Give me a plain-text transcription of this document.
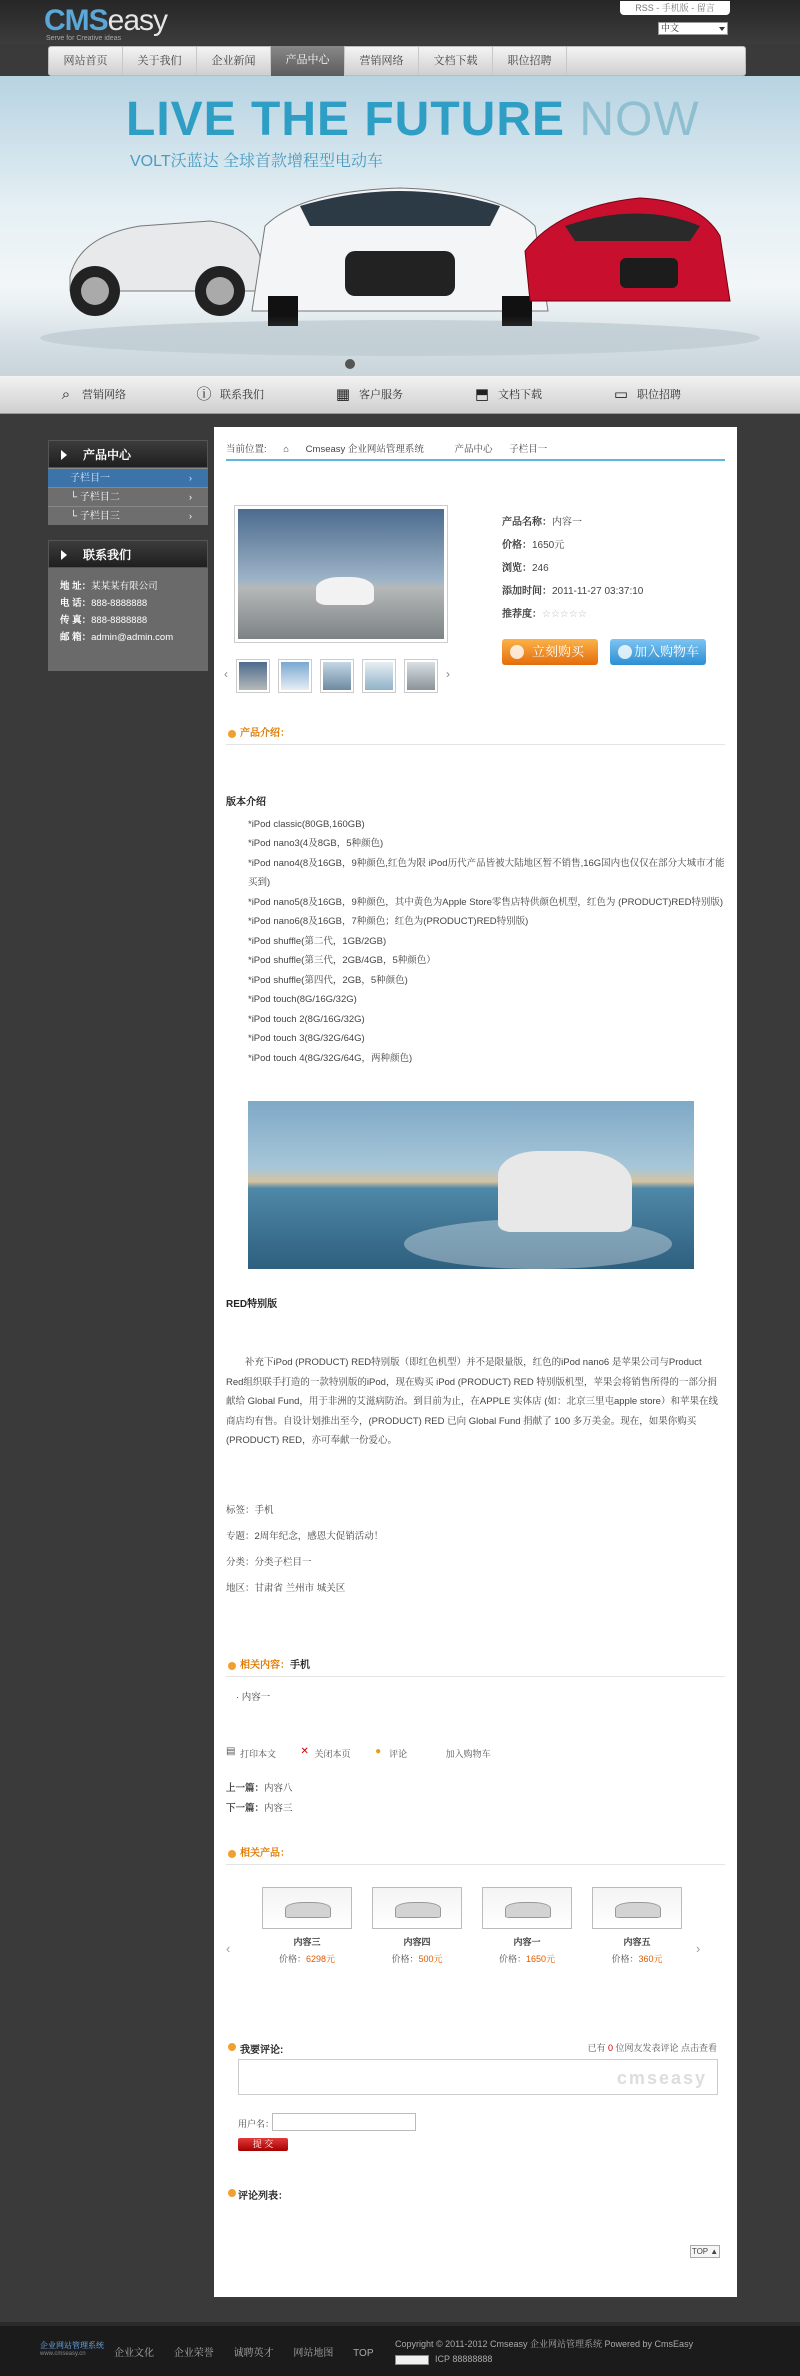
CMSeasy
Serve for Creative ideas
RSS - 手机版 - 留言
中文
网站首页	关于我们	企业新闻	产品中心	营销网络	文档下载	职位招聘
LIVE THE FUTURE NOW
VOLT沃蓝达 全球首款增程型电动车
⌕	营销网络	ⓘ 联系我们	▦ 客户服务	⬒ 文档下载	▭ 职位招聘
产品中心
子栏目一	›
└ 子栏目二	›
└ 子栏目三	›
联系我们
地 址：某某某有限公司
电 话：888-8888888
传 真：888-8888888
邮 箱：admin@admin.com
当前位置: ⌂ Cmseasy 企业网站管理系统	产品中心 子栏目一
‹	›
产品名称：内容一
价格：1650元
浏览：246
添加时间：2011-11-27 03:37:10
推荐度：☆☆☆☆☆
立刻购买	加入购物车
产品介绍：
版本介绍

*iPod classic(80GB,160GB)

*iPod nano3(4及8GB，5种颜色)

*iPod nano4(8及16GB，9种颜色,红色为限 iPod历代产品皆被大陆地区暂不销售,16G国内也仅仅在部分大城市才能买到)

*iPod nano5(8及16GB，9种颜色，其中黄色为Apple Store零售店特供颜色机型，红色为 (PRODUCT)RED特别版)

*iPod nano6(8及16GB，7种颜色；红色为(PRODUCT)RED特别版)

*iPod shuffle(第二代，1GB/2GB)

*iPod shuffle(第三代，2GB/4GB，5种颜色）

*iPod shuffle(第四代，2GB，5种颜色)

*iPod touch(8G/16G/32G)

*iPod touch 2(8G/16G/32G)

*iPod touch 3(8G/32G/64G)

*iPod touch 4(8G/32G/64G，两种颜色)

RED特别版
补充下iPod (PRODUCT) RED特别版（即红色机型）并不是限量版，红色的iPod nano6 是苹果公司与Product Red组织联手打造的一款特别版的iPod，现在购买 iPod (PRODUCT) RED 特别版机型，苹果会将销售所得的一部分捐献给 Global Fund，用于非洲的艾滋病防治。到目前为止，在APPLE 实体店 (如：北京三里屯apple store）和苹果在线商店均有售。自设计划推出至今，(PRODUCT) RED 已向 Global Fund 捐献了 100 多万美金。现在，如果你购买 (PRODUCT) RED，亦可奉献一份爱心。
标签：手机
专题：2周年纪念，感恩大促销活动！
分类：分类子栏目一
地区：甘肃省 兰州市 城关区
相关内容：手机
· 内容一
▤ 打印本文 ✕ 关闭本页 ● 评论	加入购物车
上一篇：内容八
下一篇：内容三
相关产品：
‹	内容三
价格：6298元
内容四
价格：500元
内容一
价格：1650元
内容五
价格：360元
›
我要评论:	已有 0 位网友发表评论 点击查看
cmseasy
用户名：
提 交
评论列表：
TOP ▲
企业网站管理系统
www.cmseasy.cn	企业文化 企业荣誉 诚聘英才 网站地图 TOP
Copyright © 2011-2012 Cmseasy 企业网站管理系统 Powered by CmsEasy
ICP 88888888
